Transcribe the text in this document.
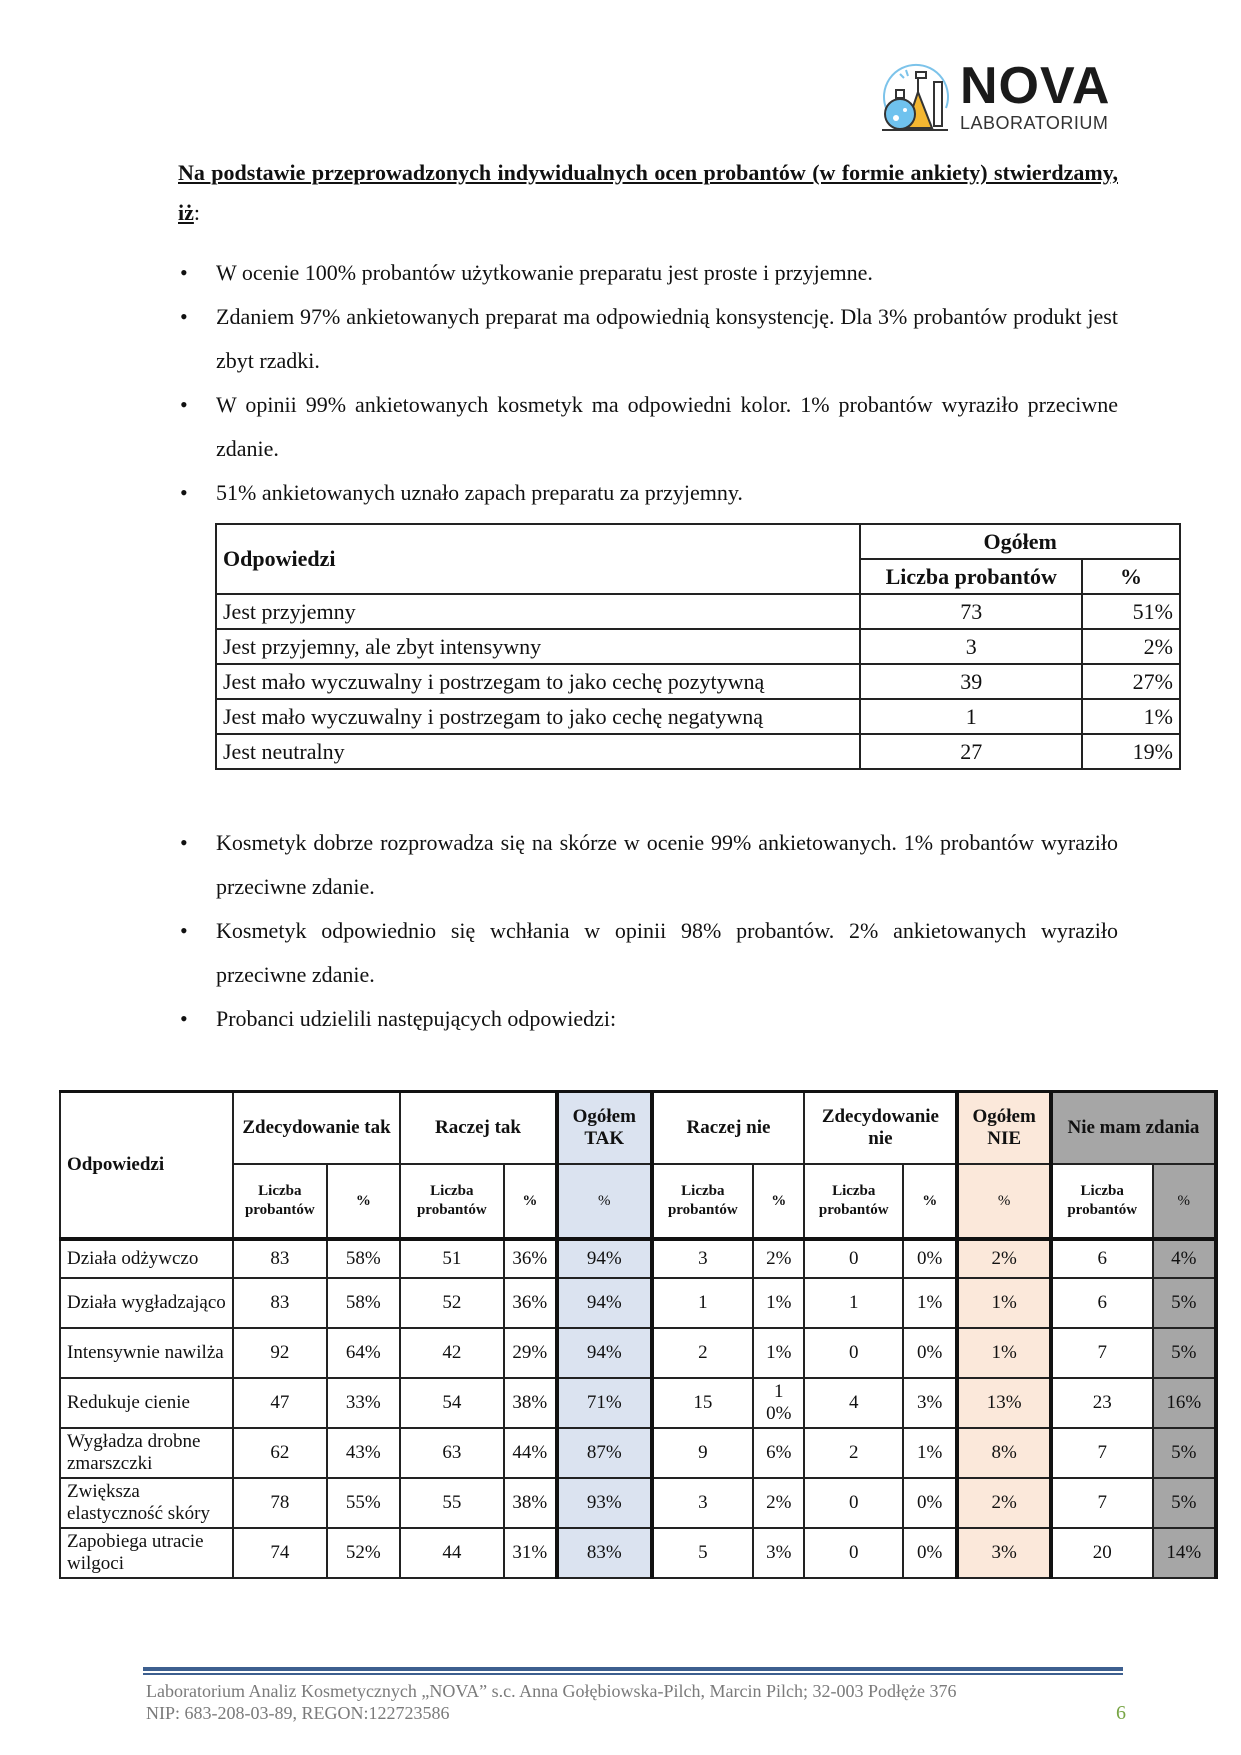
NOVA
LABORATORIUM
Na podstawie przeprowadzonych indywidualnych ocen probantów (w formie ankiety) stwierdzamy, iż:
• W ocenie 100% probantów użytkowanie preparatu jest proste i przyjemne.
• Zdaniem 97% ankietowanych preparat ma odpowiednią konsystencję. Dla 3% probantów produkt jest zbyt rzadki.
• W opinii 99% ankietowanych kosmetyk ma odpowiedni kolor. 1% probantów wyraziło przeciwne zdanie.
• 51% ankietowanych uznało zapach preparatu za przyjemny.
Odpowiedzi	Ogółem	
	Liczba probantów	%
Jest przyjemny	73	51%
Jest przyjemny, ale zbyt intensywny	3	2%
Jest mało wyczuwalny i postrzegam to jako cechę pozytywną	39	27%
Jest mało wyczuwalny i postrzegam to jako cechę negatywną	1	1%
Jest neutralny	27	19%
• Kosmetyk dobrze rozprowadza się na skórze w ocenie 99% ankietowanych. 1% probantów wyraziło przeciwne zdanie.
• Kosmetyk odpowiednio się wchłania w opinii 98% probantów. 2% ankietowanych wyraziło przeciwne zdanie.
• Probanci udzielili następujących odpowiedzi:
Odpowiedzi	Zdecydowanie tak		Raczej tak		Ogółem TAK	Raczej nie		Zdecydowanie nie		Ogółem NIE	Nie mam zdania	
	Liczba probantów	%	Liczba probantów	%	%	Liczba probantów	%	Liczba probantów	%	%	Liczba probantów	%
Działa odżywczo	83	58%	51	36%	94%	3	2%	0	0%	2%	6	4%
Działa wygładzająco	83	58%	52	36%	94%	1	1%	1	1%	1%	6	5%
Intensywnie nawilża	92	64%	42	29%	94%	2	1%	0	0%	1%	7	5%
Redukuje cienie	47	33%	54	38%	71%	15	10%	4	3%	13%	23	16%
Wygładza drobne zmarszczki	62	43%	63	44%	87%	9	6%	2	1%	8%	7	5%
Zwiększa elastyczność skóry	78	55%	55	38%	93%	3	2%	0	0%	2%	7	5%
Zapobiega utracie wilgoci	74	52%	44	31%	83%	5	3%	0	0%	3%	20	14%
Laboratorium Analiz Kosmetycznych „NOVA” s.c. Anna Gołębiowska-Pilch, Marcin Pilch; 32-003 Podłęże 376
NIP: 683-208-03-89, REGON:122723586	6
